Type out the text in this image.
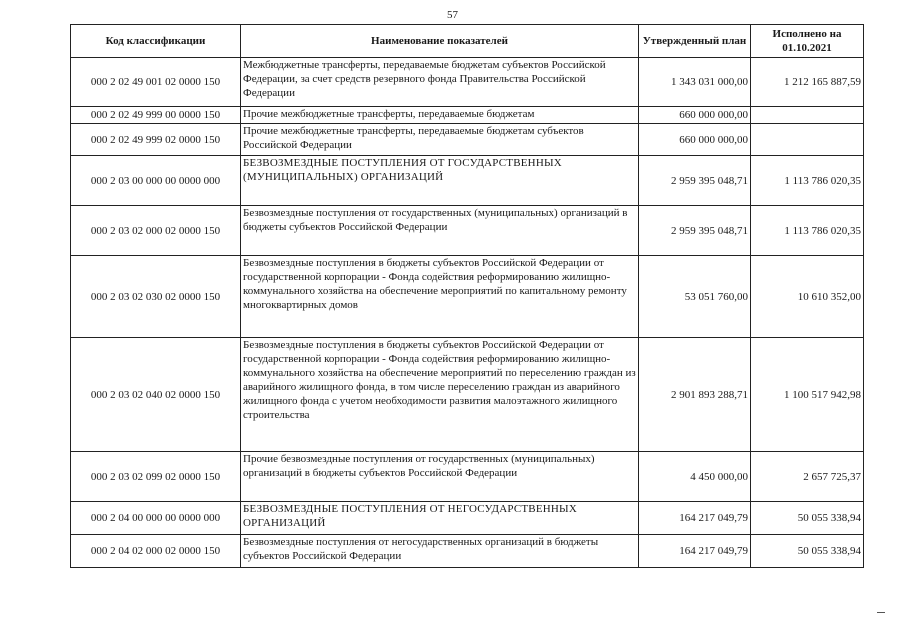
57
Код классификации	Наименование показателей	Утвержденный план	Исполнено на 01.10.2021
000 2 02 49 001 02 0000 150	Межбюджетные трансферты, передаваемые бюджетам субъектов Российской Федерации, за счет средств резервного фонда Правительства Российской Федерации	1 343 031 000,00	1 212 165 887,59
000 2 02 49 999 00 0000 150	Прочие межбюджетные трансферты, передаваемые бюджетам	660 000 000,00	
000 2 02 49 999 02 0000 150	Прочие межбюджетные трансферты, передаваемые бюджетам субъектов Российской Федерации	660 000 000,00	
000 2 03 00 000 00 0000 000	БЕЗВОЗМЕЗДНЫЕ ПОСТУПЛЕНИЯ ОТ ГОСУДАРСТВЕННЫХ (МУНИЦИПАЛЬНЫХ) ОРГАНИЗАЦИЙ	2 959 395 048,71	1 113 786 020,35
000 2 03 02 000 02 0000 150	Безвозмездные поступления от государственных (муниципальных) организаций в бюджеты субъектов Российской Федерации	2 959 395 048,71	1 113 786 020,35
000 2 03 02 030 02 0000 150	Безвозмездные поступления в бюджеты субъектов Российской Федерации от государственной корпорации - Фонда содействия реформированию жилищно-коммунального хозяйства на обеспечение мероприятий по капитальному ремонту многоквартирных домов	53 051 760,00	10 610 352,00
000 2 03 02 040 02 0000 150	Безвозмездные поступления в бюджеты субъектов Российской Федерации от государственной корпорации - Фонда содействия реформированию жилищно-коммунального хозяйства на обеспечение мероприятий по переселению граждан из аварийного жилищного фонда, в том числе переселению граждан из аварийного жилищного фонда с учетом необходимости развития малоэтажного жилищного строительства	2 901 893 288,71	1 100 517 942,98
000 2 03 02 099 02 0000 150	Прочие безвозмездные поступления от государственных (муниципальных) организаций в бюджеты субъектов Российской Федерации	4 450 000,00	2 657 725,37
000 2 04 00 000 00 0000 000	БЕЗВОЗМЕЗДНЫЕ ПОСТУПЛЕНИЯ ОТ НЕГОСУДАРСТВЕННЫХ ОРГАНИЗАЦИЙ	164 217 049,79	50 055 338,94
000 2 04 02 000 02 0000 150	Безвозмездные поступления от негосударственных организаций в бюджеты субъектов Российской Федерации	164 217 049,79	50 055 338,94
